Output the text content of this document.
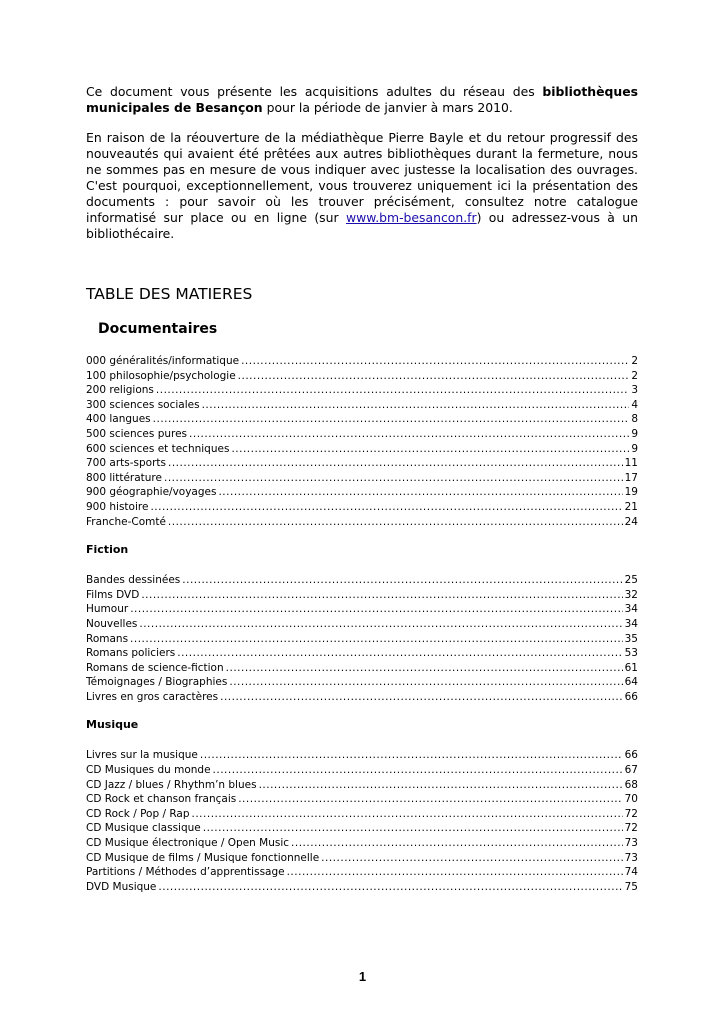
Ce document vous présente les acquisitions adultes du réseau des bibliothèques municipales de Besançon pour la période de janvier à mars 2010.

En raison de la réouverture de la médiathèque Pierre Bayle et du retour progressif des nouveautés qui avaient été prêtées aux autres bibliothèques durant la fermeture, nous ne sommes pas en mesure de vous indiquer avec justesse la localisation des ouvrages. C'est pourquoi, exceptionnellement, vous trouverez uniquement ici la présentation des documents : pour savoir où les trouver précisément, consultez notre catalogue informatisé sur place ou en ligne (sur www.bm-besancon.fr) ou adressez-vous à un bibliothécaire.

TABLE DES MATIERES
Documentaires
000 généralités/informatique .....	2
100 philosophie/psychologie .....	2
200 religions .....	3
300 sciences sociales .....	4
400 langues .....	8
500 sciences pures .....	9
600 sciences et techniques .....	9
700 arts-sports .....	11
800 littérature .....	17
900 géographie/voyages .....	19
900 histoire .....	21
Franche-Comté .....	24
Fiction
Bandes dessinées .....	25
Films DVD .....	32
Humour .....	34
Nouvelles .....	34
Romans .....	35
Romans policiers .....	53
Romans de science-fiction .....	61
Témoignages / Biographies .....	64
Livres en gros caractères .....	66
Musique
Livres sur la musique .....	66
CD Musiques du monde .....	67
CD Jazz / blues / Rhythm’n blues .....	68
CD Rock et chanson français .....	70
CD Rock / Pop / Rap .....	72
CD Musique classique .....	72
CD Musique électronique / Open Music .....	73
CD Musique de films / Musique fonctionnelle .....	73
Partitions / Méthodes d’apprentissage .....	74
DVD Musique .....	75
1
